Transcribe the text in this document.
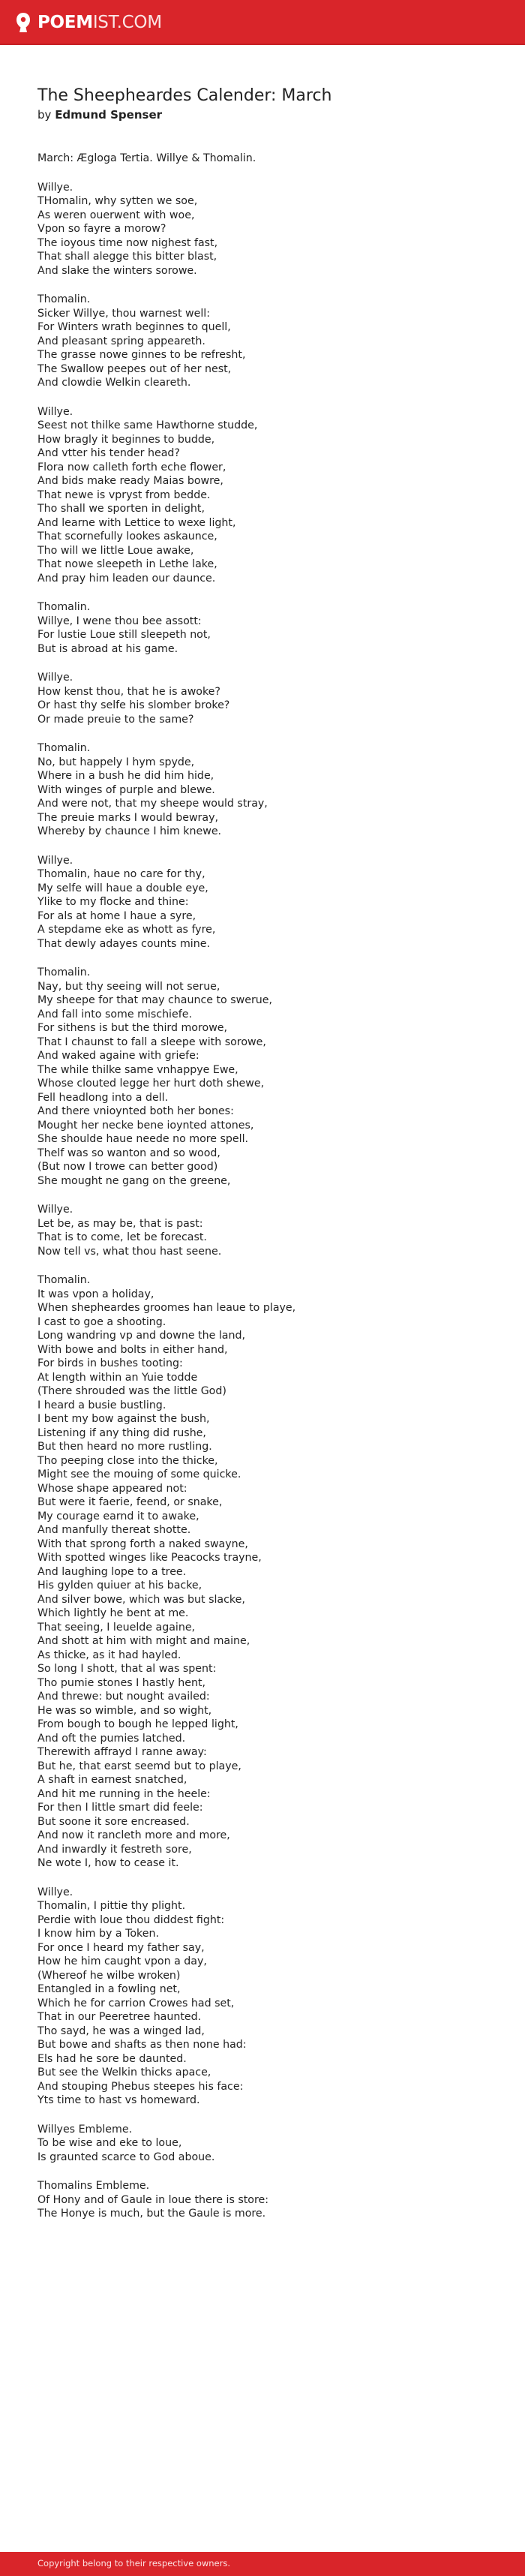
POEMIST.COM
The Sheepheardes Calender: March
by Edmund Spenser

March: Ægloga Tertia. Willye & Thomalin.

Willye.
THomalin, why sytten we soe,
As weren ouerwent with woe,
Vpon so fayre a morow?
The ioyous time now nighest fast,
That shall alegge this bitter blast,
And slake the winters sorowe.

Thomalin.
Sicker Willye, thou warnest well:
For Winters wrath beginnes to quell,
And pleasant spring appeareth.
The grasse nowe ginnes to be refresht,
The Swallow peepes out of her nest,
And clowdie Welkin cleareth.

Willye.
Seest not thilke same Hawthorne studde,
How bragly it beginnes to budde,
And vtter his tender head?
Flora now calleth forth eche flower,
And bids make ready Maias bowre,
That newe is vpryst from bedde.
Tho shall we sporten in delight,
And learne with Lettice to wexe light,
That scornefully lookes askaunce,
Tho will we little Loue awake,
That nowe sleepeth in Lethe lake,
And pray him leaden our daunce.

Thomalin.
Willye, I wene thou bee assott:
For lustie Loue still sleepeth not,
But is abroad at his game.

Willye.
How kenst thou, that he is awoke?
Or hast thy selfe his slomber broke?
Or made preuie to the same?

Thomalin.
No, but happely I hym spyde,
Where in a bush he did him hide,
With winges of purple and blewe.
And were not, that my sheepe would stray,
The preuie marks I would bewray,
Whereby by chaunce I him knewe.

Willye.
Thomalin, haue no care for thy,
My selfe will haue a double eye,
Ylike to my flocke and thine:
For als at home I haue a syre,
A stepdame eke as whott as fyre,
That dewly adayes counts mine.

Thomalin.
Nay, but thy seeing will not serue,
My sheepe for that may chaunce to swerue,
And fall into some mischiefe.
For sithens is but the third morowe,
That I chaunst to fall a sleepe with sorowe,
And waked againe with griefe:
The while thilke same vnhappye Ewe,
Whose clouted legge her hurt doth shewe,
Fell headlong into a dell.
And there vnioynted both her bones:
Mought her necke bene ioynted attones,
She shoulde haue neede no more spell.
Thelf was so wanton and so wood,
(But now I trowe can better good)
She mought ne gang on the greene,

Willye.
Let be, as may be, that is past:
That is to come, let be forecast.
Now tell vs, what thou hast seene.

Thomalin.
It was vpon a holiday,
When shepheardes groomes han leaue to playe,
I cast to goe a shooting.
Long wandring vp and downe the land,
With bowe and bolts in either hand,
For birds in bushes tooting:
At length within an Yuie todde
(There shrouded was the little God)
I heard a busie bustling.
I bent my bow against the bush,
Listening if any thing did rushe,
But then heard no more rustling.
Tho peeping close into the thicke,
Might see the mouing of some quicke.
Whose shape appeared not:
But were it faerie, feend, or snake,
My courage earnd it to awake,
And manfully thereat shotte.
With that sprong forth a naked swayne,
With spotted winges like Peacocks trayne,
And laughing lope to a tree.
His gylden quiuer at his backe,
And silver bowe, which was but slacke,
Which lightly he bent at me.
That seeing, I leuelde againe,
And shott at him with might and maine,
As thicke, as it had hayled.
So long I shott, that al was spent:
Tho pumie stones I hastly hent,
And threwe: but nought availed:
He was so wimble, and so wight,
From bough to bough he lepped light,
And oft the pumies latched.
Therewith affrayd I ranne away:
But he, that earst seemd but to playe,
A shaft in earnest snatched,
And hit me running in the heele:
For then I little smart did feele:
But soone it sore encreased.
And now it rancleth more and more,
And inwardly it festreth sore,
Ne wote I, how to cease it.

Willye.
Thomalin, I pittie thy plight.
Perdie with loue thou diddest fight:
I know him by a Token.
For once I heard my father say,
How he him caught vpon a day,
(Whereof he wilbe wroken)
Entangled in a fowling net,
Which he for carrion Crowes had set,
That in our Peeretree haunted.
Tho sayd, he was a winged lad,
But bowe and shafts as then none had:
Els had he sore be daunted.
But see the Welkin thicks apace,
And stouping Phebus steepes his face:
Yts time to hast vs homeward.

Willyes Embleme.
To be wise and eke to loue,
Is graunted scarce to God aboue.

Thomalins Embleme.
Of Hony and of Gaule in loue there is store:
The Honye is much, but the Gaule is more.

Copyright belong to their respective owners.
